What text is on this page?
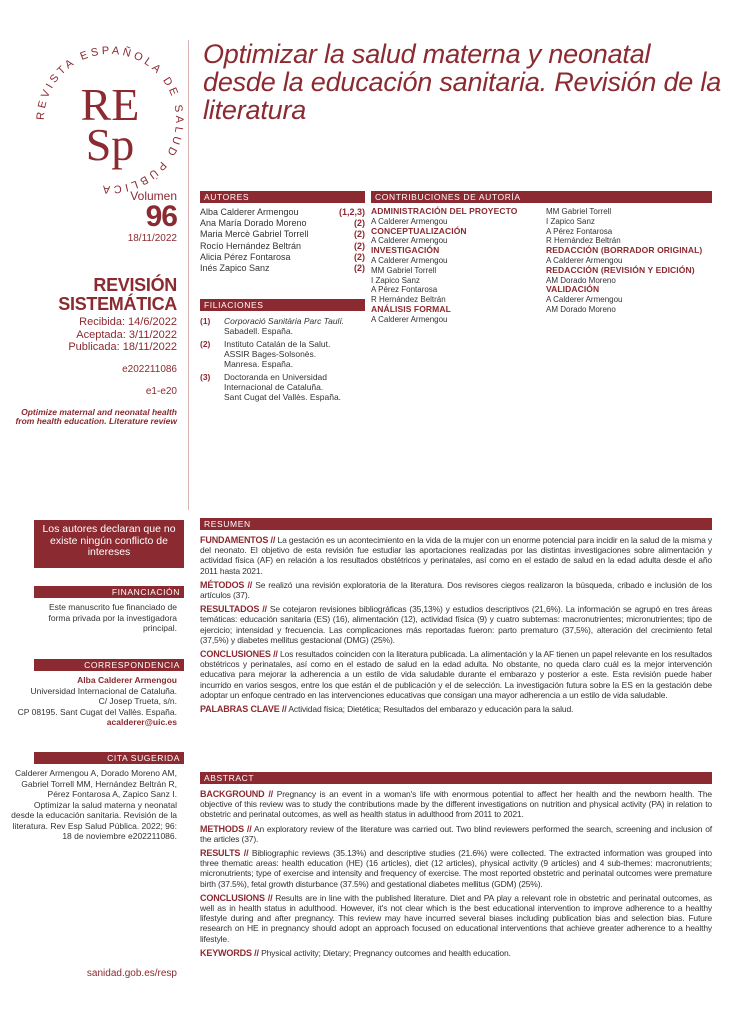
REVISTA ESPAÑOLA DE SALUD PÚBLICA
RE
Sp
Optimizar la salud materna y neonatal desde la educación sanitaria. Revisión de la literatura
Volumen
96
18/11/2022
REVISIÓN
SISTEMÁTICA
Recibida: 14/6/2022
Aceptada: 3/11/2022
Publicada: 18/11/2022
e202211086
e1-e20
Optimize maternal and neonatal health from health education. Literature review
AUTORES
Alba Calderer Armengou	(1,2,3)
Ana María Dorado Moreno	(2)
Maria Mercè Gabriel Torrell	(2)
Rocío Hernández Beltrán	(2)
Alicia Pérez Fontarosa	(2)
Inés Zapico Sanz	(2)
FILIACIONES
(1)	Corporació Sanitària Parc Taulí.
Sabadell. España.
(2)	Instituto Catalán de la Salut.
ASSIR Bages-Solsonès.
Manresa. España.
(3)	Doctoranda en Universidad
Internacional de Cataluña.
Sant Cugat del Vallès. España.
CONTRIBUCIONES DE AUTORÍA
ADMINISTRACIÓN DEL PROYECTO
A Calderer Armengou
CONCEPTUALIZACIÓN
A Calderer Armengou
INVESTIGACIÓN
A Calderer Armengou
MM Gabriel Torrell
I Zapico Sanz
A Pérez Fontarosa
R Hernández Beltrán
ANÁLISIS FORMAL
A Calderer Armengou
MM Gabriel Torrell
I Zapico Sanz
A Pérez Fontarosa
R Hernández Beltrán
REDACCIÓN (BORRADOR ORIGINAL)
A Calderer Armengou
REDACCIÓN (REVISIÓN Y EDICIÓN)
AM Dorado Moreno
VALIDACIÓN
A Calderer Armengou
AM Dorado Moreno
Los autores declaran que no existe ningún conflicto de intereses
FINANCIACIÓN
Este manuscrito fue financiado de forma privada por la investigadora principal.
CORRESPONDENCIA
Alba Calderer Armengou
Universidad Internacional de Cataluña.
C/ Josep Trueta, s/n.
CP 08195. Sant Cugat del Vallès. España.
acalderer@uic.es
CITA SUGERIDA
Calderer Armengou A, Dorado Moreno AM, Gabriel Torrell MM, Hernández Beltrán R, Pérez Fontarosa A, Zapico Sanz I. Optimizar la salud materna y neonatal desde la educación sanitaria. Revisión de la literatura. Rev Esp Salud Pública. 2022; 96: 18 de noviembre e202211086.
sanidad.gob.es/resp
RESUMEN

FUNDAMENTOS // La gestación es un acontecimiento en la vida de la mujer con un enorme potencial para incidir en la salud de la misma y del neonato. El objetivo de esta revisión fue estudiar las aportaciones realizadas por las distintas investigaciones sobre alimentación y actividad física (AF) en relación a los resultados obstétricos y perinatales, así como en el estado de salud en la edad adulta desde el año 2011 hasta 2021.

MÉTODOS // Se realizó una revisión exploratoria de la literatura. Dos revisores ciegos realizaron la búsqueda, cribado e inclusión de los artículos (37).

RESULTADOS // Se cotejaron revisiones bibliográficas (35,13%) y estudios descriptivos (21,6%). La información se agrupó en tres áreas temáticas: educación sanitaria (ES) (16), alimentación (12), actividad física (9) y cuatro subtemas: macronutrientes; micronutrientes; tipo de ejercicio; intensidad y frecuencia. Las complicaciones más reportadas fueron: parto prematuro (37,5%), alteración del crecimiento fetal (37,5%) y diabetes mellitus gestacional (DMG) (25%).

CONCLUSIONES // Los resultados coinciden con la literatura publicada. La alimentación y la AF tienen un papel relevante en los resultados obstétricos y perinatales, así como en el estado de salud en la edad adulta. No obstante, no queda claro cuál es la mejor intervención educativa para mejorar la adherencia a un estilo de vida saludable durante el embarazo y posterior a este. Esta revisión puede haber incurrido en varios sesgos, entre los que están el de publicación y el de selección. La investigación futura sobre la ES en la gestación debe adoptar un enfoque centrado en las intervenciones educativas que consigan una mayor adherencia a un estilo de vida saludable.

PALABRAS CLAVE // Actividad física; Dietética; Resultados del embarazo y educación para la salud.

ABSTRACT

BACKGROUND // Pregnancy is an event in a woman's life with enormous potential to affect her health and the newborn health. The objective of this review was to study the contributions made by the different investigations on nutrition and physical activity (PA) in relation to obstetric and perinatal outcomes, as well as health status in adulthood from 2011 to 2021.

METHODS // An exploratory review of the literature was carried out. Two blind reviewers performed the search, screening and inclusion of the articles (37).

RESULTS // Bibliographic reviews (35.13%) and descriptive studies (21.6%) were collected. The extracted information was grouped into three thematic areas: health education (HE) (16 articles), diet (12 articles), physical activity (9 articles) and 4 sub-themes: macronutrients; micronutrients; type of exercise and intensity and frequency of exercise. The most reported obstetric and perinatal outcomes were premature birth (37.5%), fetal growth disturbance (37.5%) and gestational diabetes mellitus (GDM) (25%).

CONCLUSIONS // Results are in line with the published literature. Diet and PA play a relevant role in obstetric and perinatal outcomes, as well as in health status in adulthood. However, it's not clear which is the best educational intervention to improve adherence to a healthy lifestyle during and after pregnancy. This review may have incurred several biases including publication bias and selection bias. Future research on HE in pregnancy should adopt an approach focused on educational interventions that achieve greater adherence to a healthy lifestyle.

KEYWORDS // Physical activity; Dietary; Pregnancy outcomes and health education.
